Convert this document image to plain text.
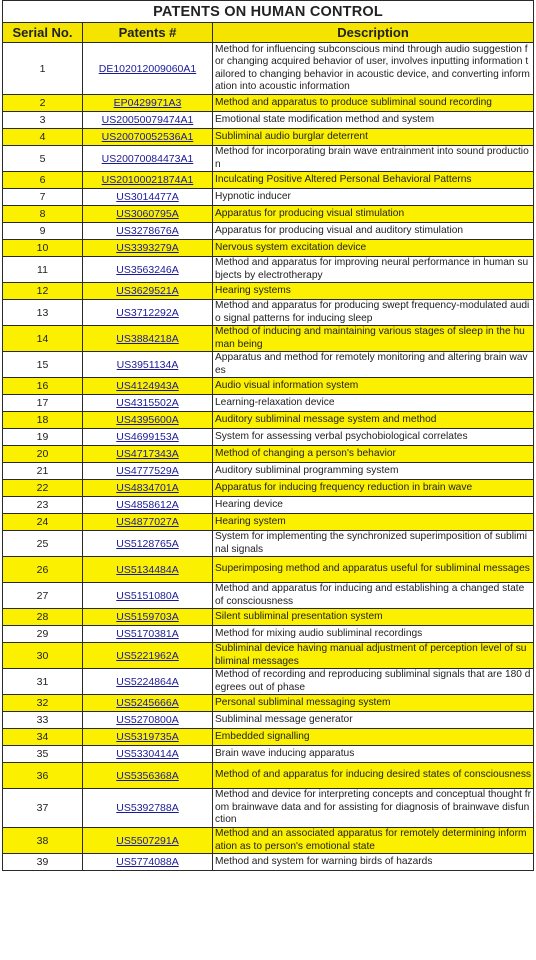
PATENTS ON HUMAN CONTROL		
Serial No.	Patents #	Description
1	DE102012009060A1	Method for influencing subconscious mind through audio suggestion for changing acquired behavior of user, involves inputting information tailored to changing behavior in acoustic device, and converting information into acoustic information
2	EP0429971A3	Method and apparatus to produce subliminal sound recording
3	US20050079474A1	Emotional state modification method and system
4	US20070052536A1	Subliminal audio burglar deterrent
5	US20070084473A1	Method for incorporating brain wave entrainment into sound production
6	US20100021874A1	Inculcating Positive Altered Personal Behavioral Patterns
7	US3014477A	Hypnotic inducer
8	US3060795A	Apparatus for producing visual stimulation
9	US3278676A	Apparatus for producing visual and auditory stimulation
10	US3393279A	Nervous system excitation device
11	US3563246A	Method and apparatus for improving neural performance in human subjects by electrotherapy
12	US3629521A	Hearing systems
13	US3712292A	Method and apparatus for producing swept frequency-modulated audio signal patterns for inducing sleep
14	US3884218A	Method of inducing and maintaining various stages of sleep in the human being
15	US3951134A	Apparatus and method for remotely monitoring and altering brain waves
16	US4124943A	Audio visual information system
17	US4315502A	Learning-relaxation device
18	US4395600A	Auditory subliminal message system and method
19	US4699153A	System for assessing verbal psychobiological correlates
20	US4717343A	Method of changing a person's behavior
21	US4777529A	Auditory subliminal programming system
22	US4834701A	Apparatus for inducing frequency reduction in brain wave
23	US4858612A	Hearing device
24	US4877027A	Hearing system
25	US5128765A	System for implementing the synchronized superimposition of subliminal signals
26	US5134484A	Superimposing method and apparatus useful for subliminal messages
27	US5151080A	Method and apparatus for inducing and establishing a changed state of consciousness
28	US5159703A	Silent subliminal presentation system
29	US5170381A	Method for mixing audio subliminal recordings
30	US5221962A	Subliminal device having manual adjustment of perception level of subliminal messages
31	US5224864A	Method of recording and reproducing subliminal signals that are 180 degrees out of phase
32	US5245666A	Personal subliminal messaging system
33	US5270800A	Subliminal message generator
34	US5319735A	Embedded signalling
35	US5330414A	Brain wave inducing apparatus
36	US5356368A	Method of and apparatus for inducing desired states of consciousness
37	US5392788A	Method and device for interpreting concepts and conceptual thought from brainwave data and for assisting for diagnosis of brainwave disfunction
38	US5507291A	Method and an associated apparatus for remotely determining information as to person's emotional state
39	US5774088A	Method and system for warning birds of hazards
